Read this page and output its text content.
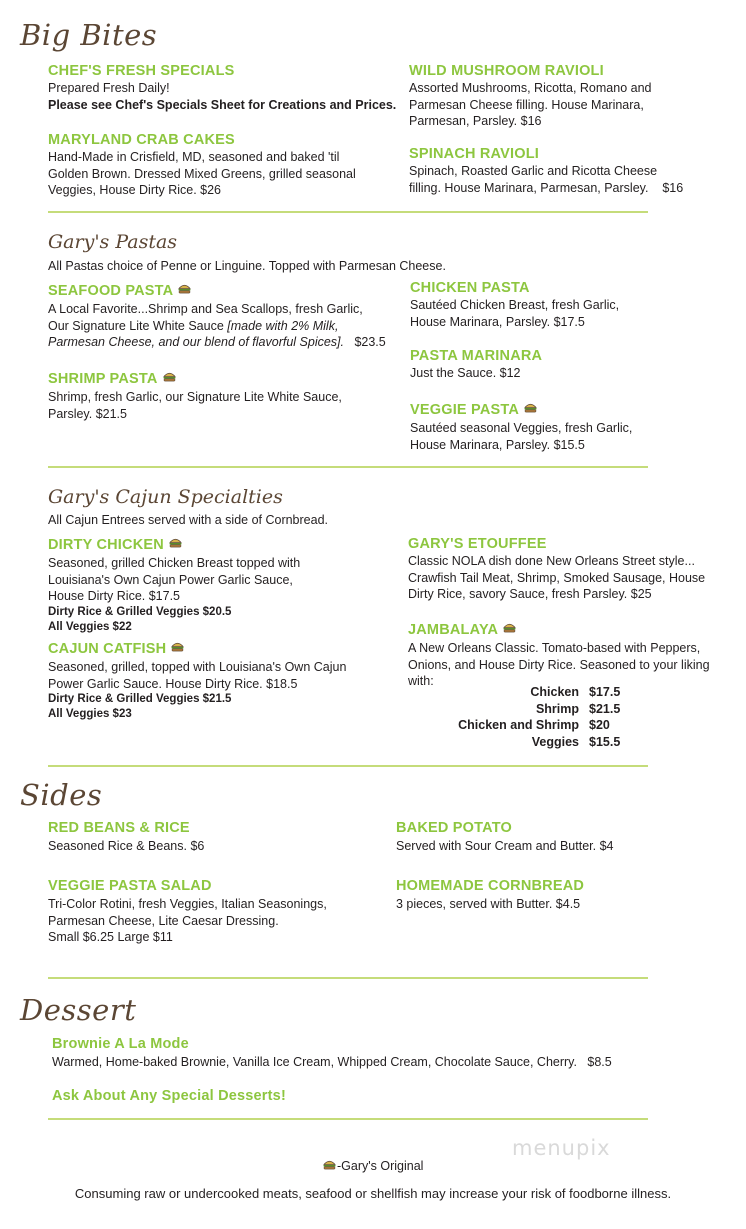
Big Bites
CHEF'S FRESH SPECIALS
Prepared Fresh Daily!
Please see Chef's Specials Sheet for Creations and Prices.
MARYLAND CRAB CAKES
Hand-Made in Crisfield, MD, seasoned and baked 'til
Golden Brown. Dressed Mixed Greens, grilled seasonal
Veggies, House Dirty Rice. $26
WILD MUSHROOM RAVIOLI
Assorted Mushrooms, Ricotta, Romano and
Parmesan Cheese filling. House Marinara,
Parmesan, Parsley. $16
SPINACH RAVIOLI
Spinach, Roasted Garlic and Ricotta Cheese
filling. House Marinara, Parmesan, Parsley. $16
Gary's Pastas
All Pastas choice of Penne or Linguine. Topped with Parmesan Cheese.
SEAFOOD PASTA
A Local Favorite...Shrimp and Sea Scallops, fresh Garlic,
Our Signature Lite White Sauce [made with 2% Milk,
Parmesan Cheese, and our blend of flavorful Spices]. $23.5
SHRIMP PASTA
Shrimp, fresh Garlic, our Signature Lite White Sauce,
Parsley. $21.5
CHICKEN PASTA
Sautéed Chicken Breast, fresh Garlic,
House Marinara, Parsley. $17.5
PASTA MARINARA
Just the Sauce. $12
VEGGIE PASTA
Sautéed seasonal Veggies, fresh Garlic,
House Marinara, Parsley. $15.5
Gary's Cajun Specialties
All Cajun Entrees served with a side of Cornbread.
DIRTY CHICKEN
Seasoned, grilled Chicken Breast topped with
Louisiana's Own Cajun Power Garlic Sauce,
House Dirty Rice. $17.5
Dirty Rice & Grilled Veggies $20.5
All Veggies $22
CAJUN CATFISH
Seasoned, grilled, topped with Louisiana's Own Cajun
Power Garlic Sauce. House Dirty Rice. $18.5
Dirty Rice & Grilled Veggies $21.5
All Veggies $23
GARY'S ETOUFFEE
Classic NOLA dish done New Orleans Street style...
Crawfish Tail Meat, Shrimp, Smoked Sausage, House
Dirty Rice, savory Sauce, fresh Parsley. $25
JAMBALAYA
A New Orleans Classic. Tomato-based with Peppers,
Onions, and House Dirty Rice. Seasoned to your liking
with:
Chicken $17.5
Shrimp $21.5
Chicken and Shrimp $20
Veggies $15.5
Sides
RED BEANS & RICE
Seasoned Rice & Beans. $6
VEGGIE PASTA SALAD
Tri-Color Rotini, fresh Veggies, Italian Seasonings,
Parmesan Cheese, Lite Caesar Dressing.
Small $6.25 Large $11
BAKED POTATO
Served with Sour Cream and Butter. $4
HOMEMADE CORNBREAD
3 pieces, served with Butter. $4.5
Dessert
Brownie A La Mode
Warmed, Home-baked Brownie, Vanilla Ice Cream, Whipped Cream, Chocolate Sauce, Cherry. $8.5
Ask About Any Special Desserts!
menupix
-Gary's Original
Consuming raw or undercooked meats, seafood or shellfish may increase your risk of foodborne illness.
